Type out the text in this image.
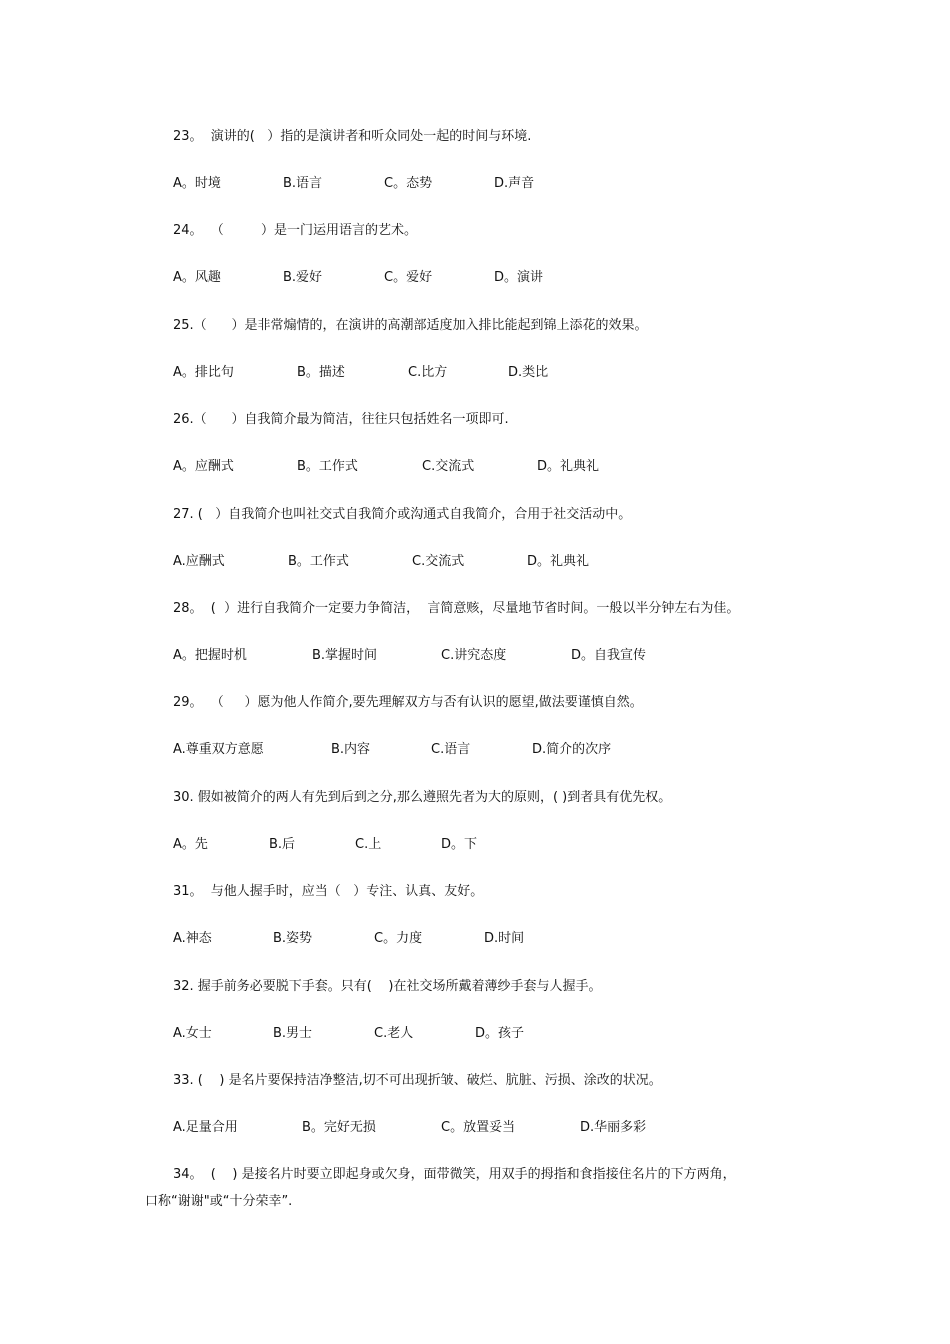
23。  演讲的(   ）指的是演讲者和听众同处一起的时间与环境.

A。时境	B.语言	C。态势	D.声音

24。  （         ）是一门运用语言的艺术。

A。风趣	B.爱好	C。爱好	D。演讲

25.（      ）是非常煽情的，在演讲的高潮部适度加入排比能起到锦上添花的效果。

A。排比句	B。描述	C.比方	D.类比

26.（      ）自我简介最为简洁，往往只包括姓名一项即可.

A。应酬式	B。工作式	C.交流式	D。礼典礼

27. (   ）自我简介也叫社交式自我简介或沟通式自我简介，合用于社交活动中。

A.应酬式	B。工作式	C.交流式	D。礼典礼

28。  (  ）进行自我简介一定要力争简洁，  言简意赅，尽量地节省时间。一般以半分钟左右为佳。

A。把握时机	B.掌握时间	C.讲究态度	D。自我宣传

29。  （     ）愿为他人作简介,要先理解双方与否有认识的愿望,做法要谨慎自然。

A.尊重双方意愿	B.内容	C.语言	D.简介的次序

30. 假如被简介的两人有先到后到之分,那么遵照先者为大的原则，( )到者具有优先权。

A。先	B.后	C.上	D。下

31。  与他人握手时，应当（   ）专注、认真、友好。

A.神态	B.姿势	C。力度	D.时间

32. 握手前务必要脱下手套。只有(    )在社交场所戴着薄纱手套与人握手。

A.女士	B.男士	C.老人	D。孩子

33. (    ) 是名片要保持洁净整洁,切不可出现折皱、破烂、肮脏、污损、涂改的状况。

A.足量合用	B。完好无损	C。放置妥当	D.华丽多彩

34。  (    ) 是接名片时要立即起身或欠身，面带微笑，用双手的拇指和食指接住名片的下方两角，

口称“谢谢"或“十分荣幸”.
